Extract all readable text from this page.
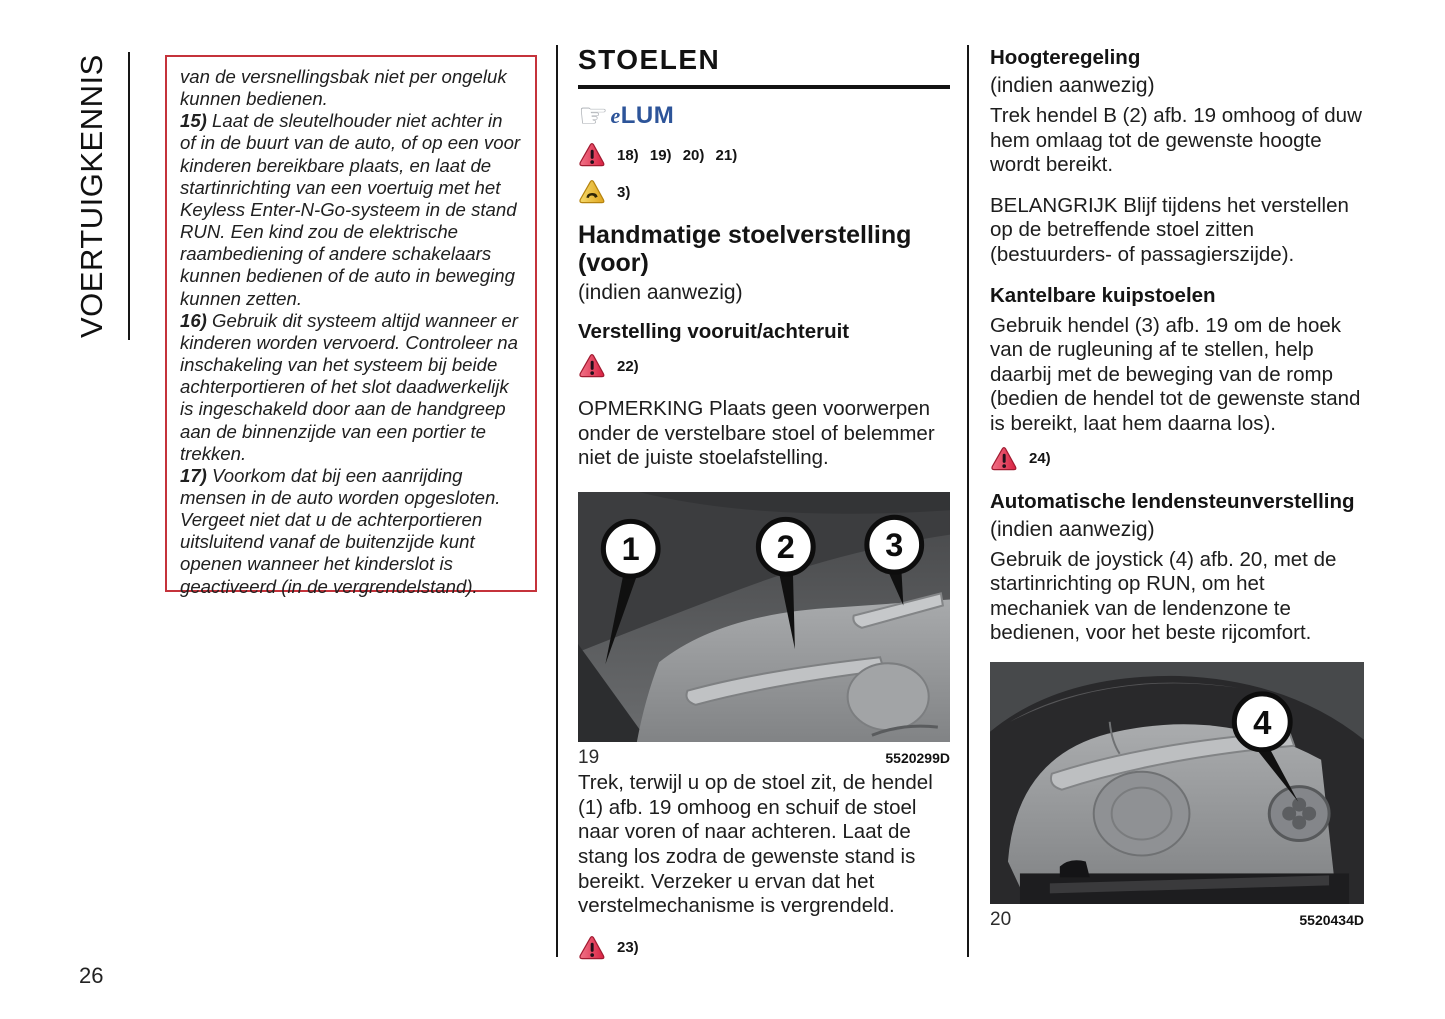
VOERTUIGKENNIS	van de versnellingsbak niet per ongeluk kunnen bedienen.
15) Laat de sleutelhouder niet achter in of in de buurt van de auto, of op een voor kinderen bereikbare plaats, en laat de startinrichting van een voertuig met het Keyless Enter-N-Go-systeem in de stand RUN. Een kind zou de elektrische raambediening of andere schakelaars kunnen bedienen of de auto in beweging kunnen zetten.
16) Gebruik dit systeem altijd wanneer er kinderen worden vervoerd. Controleer na inschakeling van het systeem bij beide achterportieren of het slot daadwerkelijk is ingeschakeld door aan de handgreep aan de binnenzijde van een portier te trekken.
17) Voorkom dat bij een aanrijding mensen in de auto worden opgesloten. Vergeet niet dat u de achterportieren uitsluitend vanaf de buitenzijde kunt openen wanneer het kinderslot is geactiveerd (in de vergrendelstand).
STOELEN
☞ eLUM
18) 19) 20) 21)
3)
Handmatige stoelverstelling (voor)
(indien aanwezig)
Verstelling vooruit/achteruit
22)

OPMERKING Plaats geen voorwerpen onder de verstelbare stoel of belemmer niet de juiste stoelafstelling.

1	2	3
19	5520299D

Trek, terwijl u op de stoel zit, de hendel (1) afb. 19 omhoog en schuif de stoel naar voren of naar achteren. Laat de stang los zodra de gewenste stand is bereikt. Verzeker u ervan dat het verstelmechanisme is vergrendeld.

23)
Hoogteregeling
(indien aanwezig)

Trek hendel B (2) afb. 19 omhoog of duw hem omlaag tot de gewenste hoogte wordt bereikt.

BELANGRIJK Blijf tijdens het verstellen op de betreffende stoel zitten (bestuurders- of passagierszijde).

Kantelbare kuipstoelen

Gebruik hendel (3) afb. 19 om de hoek van de rugleuning af te stellen, help daarbij met de beweging van de romp (bedien de hendel tot de gewenste stand is bereikt, laat hem daarna los).

24)
Automatische lendensteunverstelling
(indien aanwezig)

Gebruik de joystick (4) afb. 20, met de startinrichting op RUN, om het mechaniek van de lendenzone te bedienen, voor het beste rijcomfort.

4
20	5520434D
26
